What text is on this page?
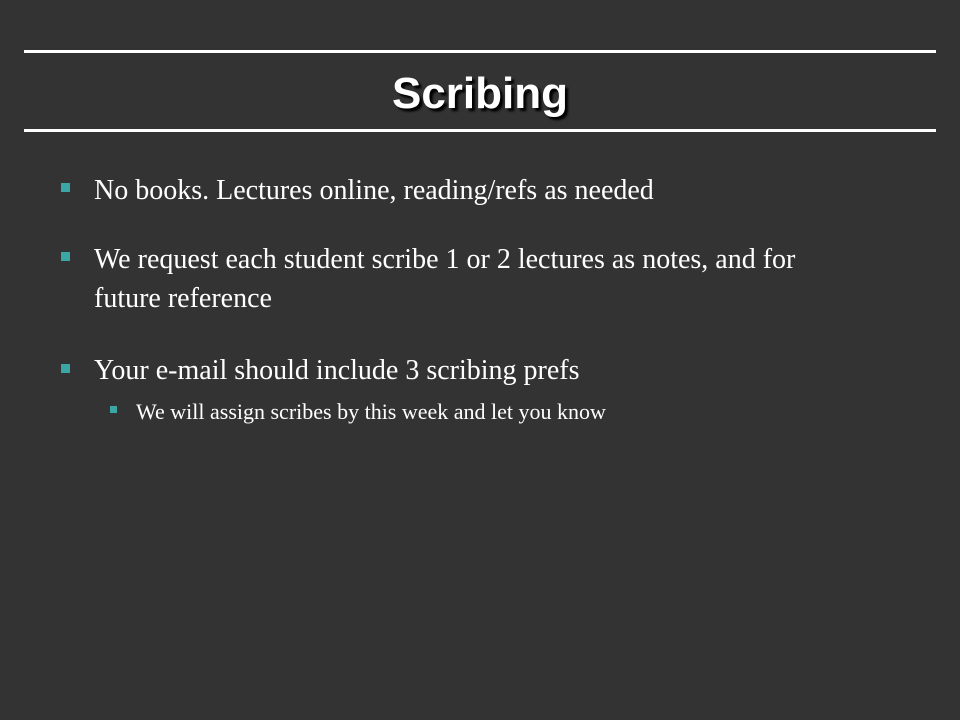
Scribing
No books. Lectures online, reading/refs as needed
We request each student scribe 1 or 2 lectures as notes, and for future reference
Your e-mail should include 3 scribing prefs
We will assign scribes by this week and let you know
